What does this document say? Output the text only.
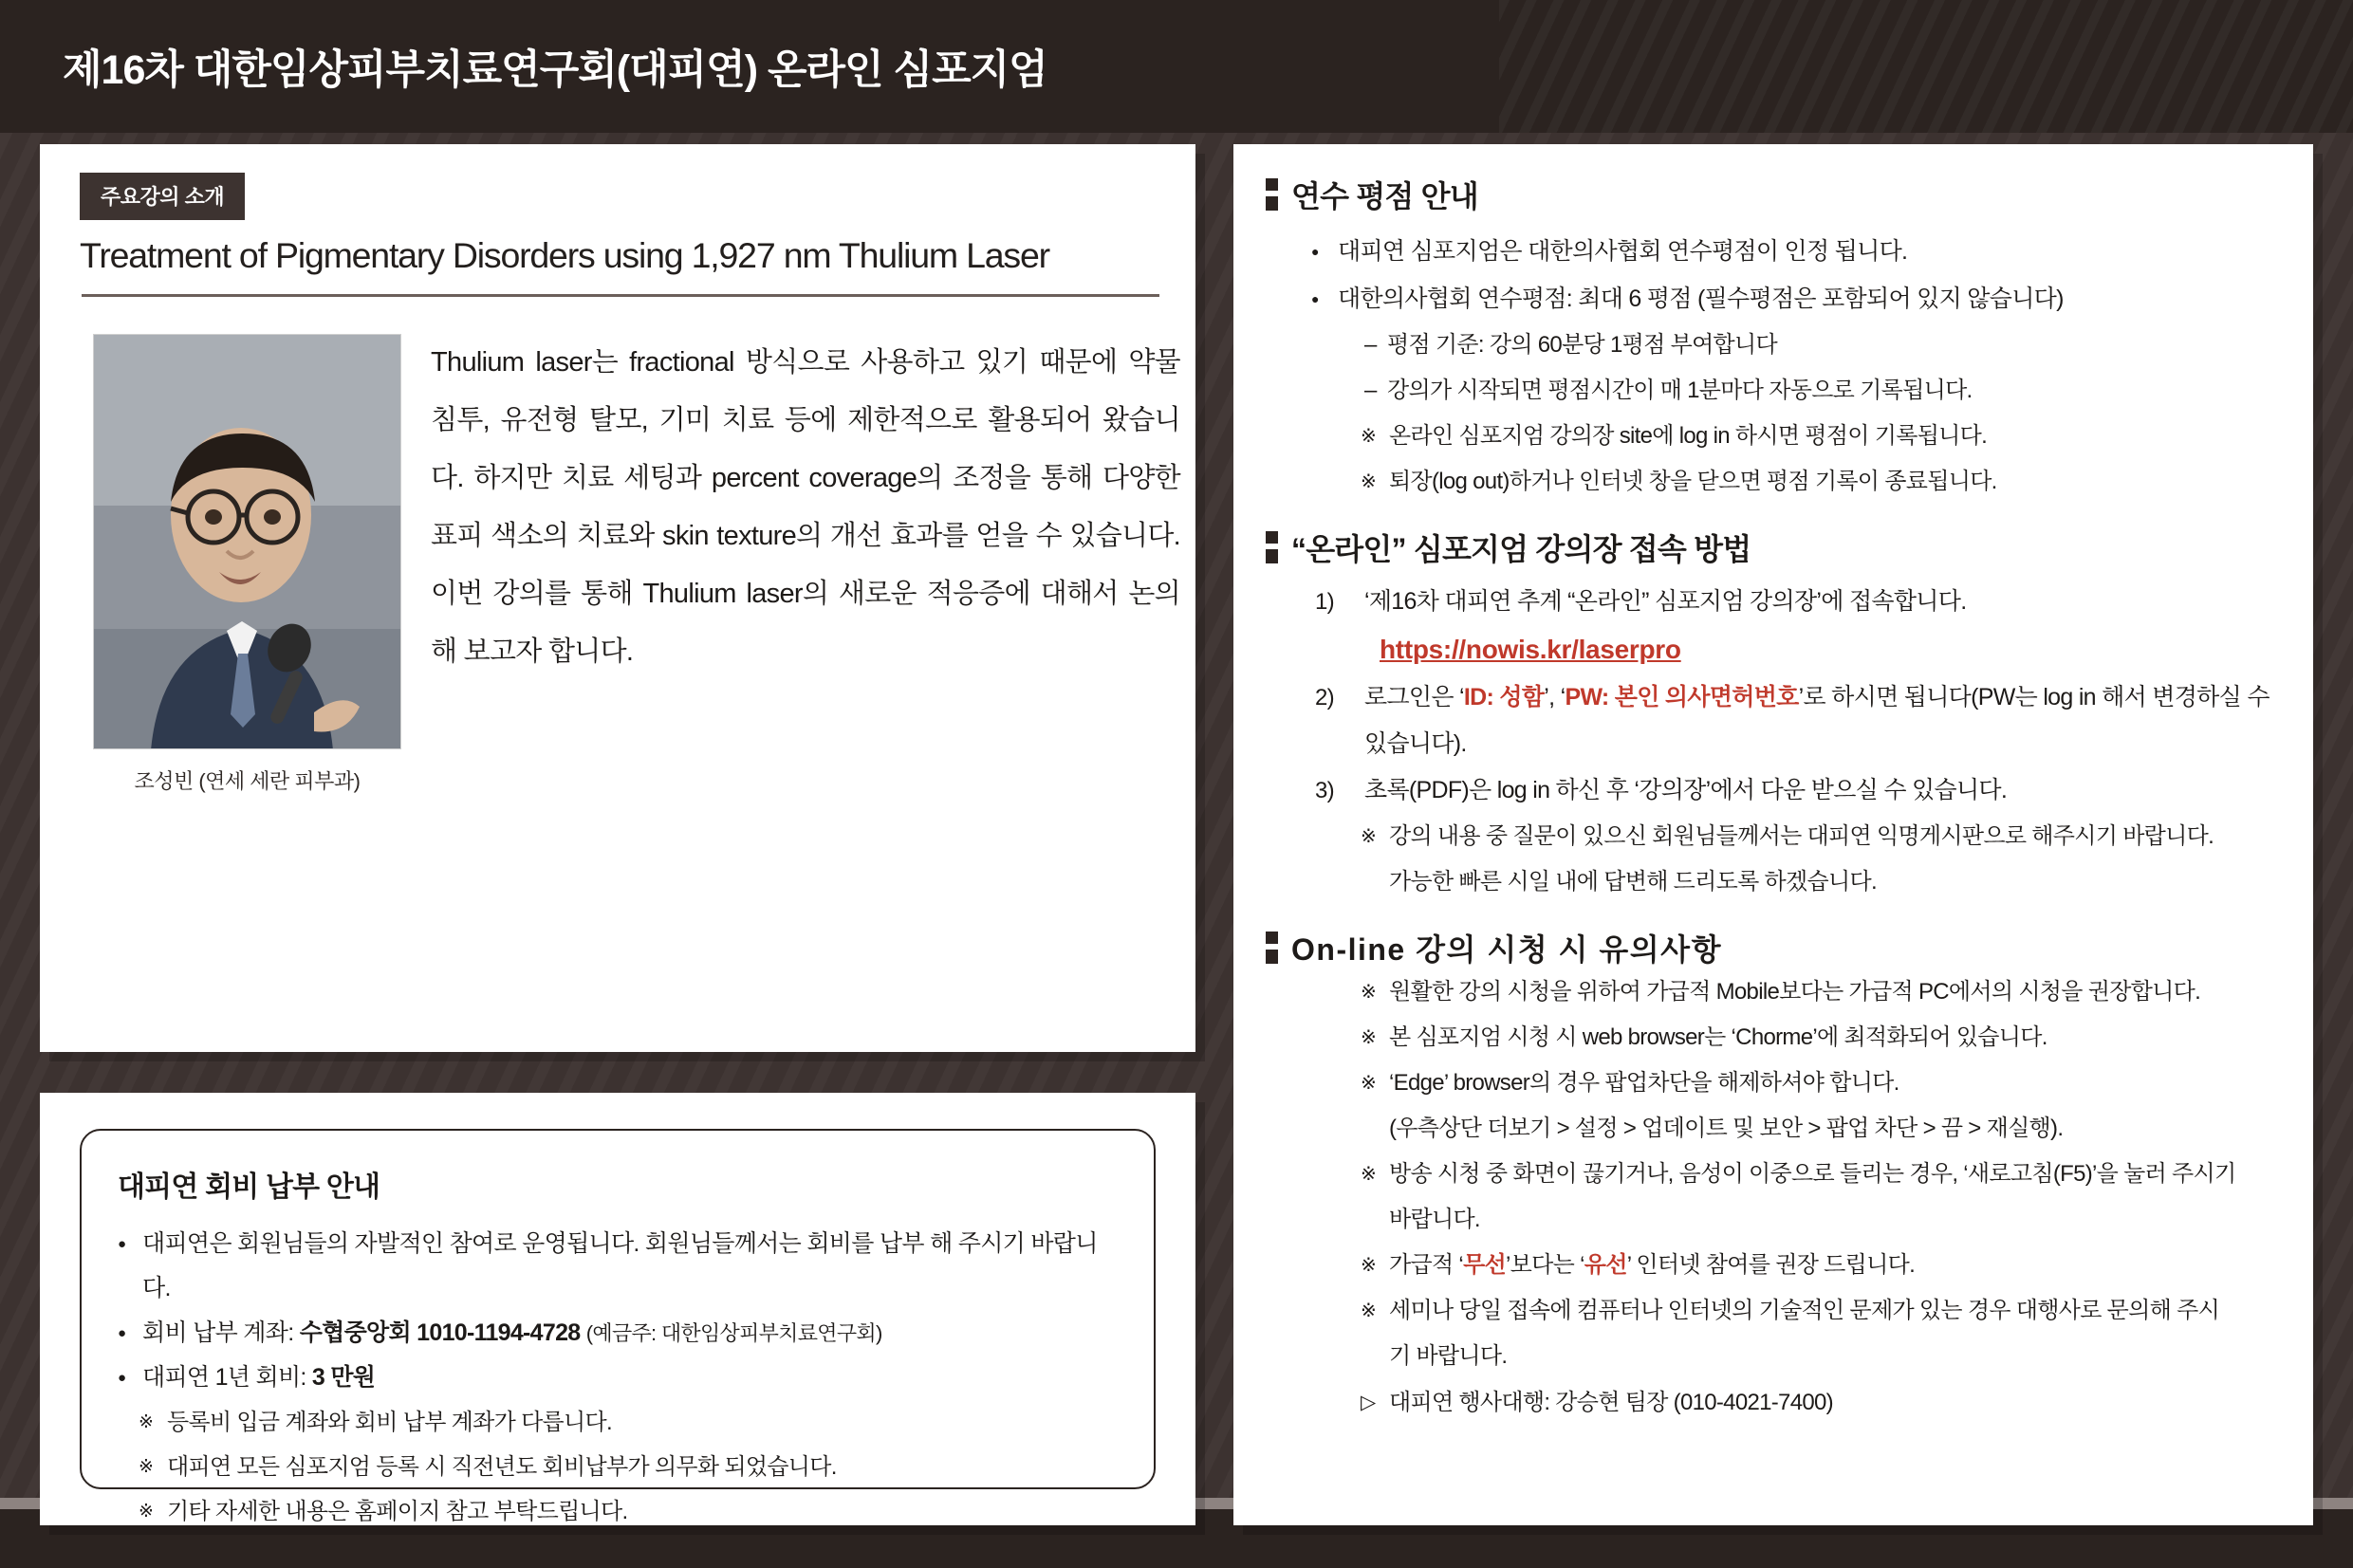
제16차 대한임상피부치료연구회(대피연) 온라인 심포지엄
주요강의 소개
Treatment of Pigmentary Disorders using 1,927 nm Thulium Laser
조성빈 (연세 세란 피부과)
Thulium laser는 fractional 방식으로 사용하고 있기 때문에 약물 침투, 유전형 탈모, 기미 치료 등에 제한적으로 활용되어 왔습니다. 하지만 치료 세팅과 percent coverage의 조정을 통해 다양한 표피 색소의 치료와 skin texture의 개선 효과를 얻을 수 있습니다. 이번 강의를 통해 Thulium laser의 새로운 적응증에 대해서 논의해 보고자 합니다.
대피연 회비 납부 안내
● 대피연은 회원님들의 자발적인 참여로 운영됩니다. 회원님들께서는 회비를 납부 해 주시기 바랍니다.
● 회비 납부 계좌: 수협중앙회 1010-1194-4728 (예금주: 대한임상피부치료연구회)
● 대피연 1년 회비: 3 만원
※ 등록비 입금 계좌와 회비 납부 계좌가 다릅니다.
※ 대피연 모든 심포지엄 등록 시 직전년도 회비납부가 의무화 되었습니다.
※ 기타 자세한 내용은 홈페이지 참고 부탁드립니다.
연수 평점 안내
● 대피연 심포지엄은 대한의사협회 연수평점이 인정 됩니다.
● 대한의사협회 연수평점: 최대 6 평점 (필수평점은 포함되어 있지 않습니다)
– 평점 기준: 강의 60분당 1평점 부여합니다
– 강의가 시작되면 평점시간이 매 1분마다 자동으로 기록됩니다.
※ 온라인 심포지엄 강의장 site에 log in 하시면 평점이 기록됩니다.
※ 퇴장(log out)하거나 인터넷 창을 닫으면 평점 기록이 종료됩니다.
“온라인” 심포지엄 강의장 접속 방법
‘제16차 대피연 추계 “온라인” 심포지엄 강의장’에 접속합니다.
https://nowis.kr/laserpro
로그인은 ‘ID: 성함’, ‘PW: 본인 의사면허번호’로 하시면 됩니다(PW는 log in 해서 변경하실 수 있습니다).
초록(PDF)은 log in 하신 후 ‘강의장’에서 다운 받으실 수 있습니다.
※ 강의 내용 중 질문이 있으신 회원님들께서는 대피연 익명게시판으로 해주시기 바랍니다.
가능한 빠른 시일 내에 답변해 드리도록 하겠습니다.
On-line 강의 시청 시 유의사항
※ 원활한 강의 시청을 위하여 가급적 Mobile보다는 가급적 PC에서의 시청을 권장합니다.
※ 본 심포지엄 시청 시 web browser는 ‘Chorme’에 최적화되어 있습니다.
※ ‘Edge’ browser의 경우 팝업차단을 해제하셔야 합니다.
(우측상단 더보기 > 설정 > 업데이트 및 보안 > 팝업 차단 > 끔 > 재실행).
※ 방송 시청 중 화면이 끊기거나, 음성이 이중으로 들리는 경우, ‘새로고침(F5)’을 눌러 주시기
바랍니다.
※ 가급적 ‘무선’보다는 ‘유선’ 인터넷 참여를 권장 드립니다.
※ 세미나 당일 접속에 컴퓨터나 인터넷의 기술적인 문제가 있는 경우 대행사로 문의해 주시
기 바랍니다.
▷ 대피연 행사대행: 강승현 팀장 (010-4021-7400)
